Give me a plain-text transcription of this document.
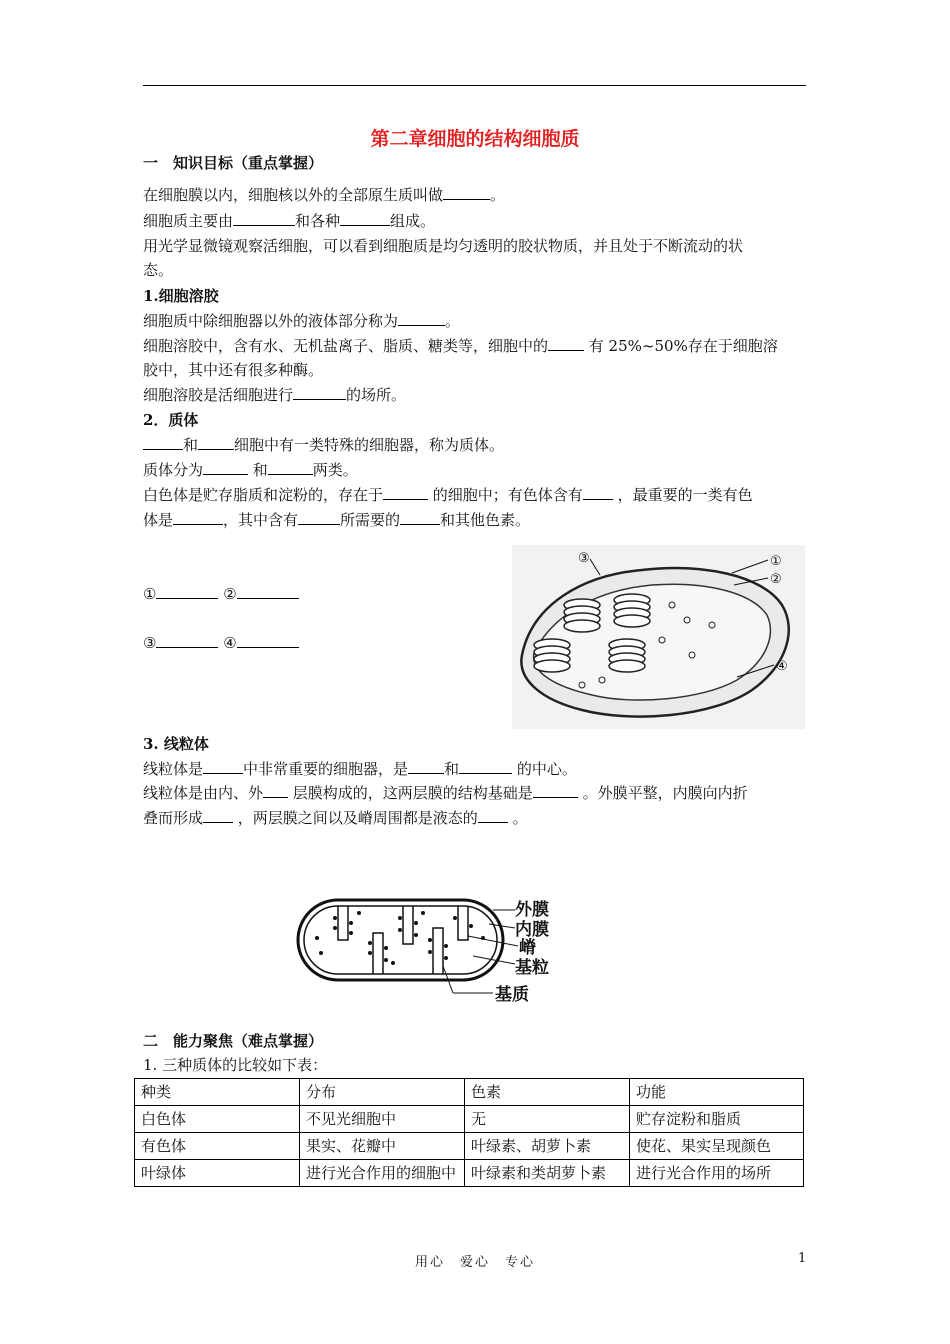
第二章细胞的结构细胞质
一　知识目标（重点掌握）
在细胞膜以内，细胞核以外的全部原生质叫做	。
细胞质主要由	和各种	组成。
用光学显微镜观察活细胞，可以看到细胞质是均匀透明的胶状物质，并且处于不断流动的状
态。
1.细胞溶胶
细胞质中除细胞器以外的液体部分称为	。
细胞溶胶中，含有水、无机盐离子、脂质、糖类等，细胞中的 有 25%~50%存在于细胞溶
胶中，其中还有很多种酶。
细胞溶胶是活细胞进行	的场所。
2．质体
和 细胞中有一类特殊的细胞器，称为质体。
质体分为	和	两类。
白色体是贮存脂质和淀粉的，存在于	的细胞中；有色体含有 ，最重要的一类有色
体是	，其中含有	所需要的	和其他色素。
①	②
③	④
③	①
②
④
3. 线粒体
线粒体是	中非常重要的细胞器，是 和	的中心。
线粒体是由内、外 层膜构成的，这两层膜的结构基础是	。外膜平整，内膜向内折
叠而形成 ，两层膜之间以及嵴周围都是液态的 。
外膜
内膜
嵴
基粒
基质
二　能力聚焦（难点掌握）
1. 三种质体的比较如下表：
种类	分布	色素	功能
白色体	不见光细胞中	无	贮存淀粉和脂质
有色体	果实、花瓣中	叶绿素、胡萝卜素	使花、果实呈现颜色
叶绿体	进行光合作用的细胞中	叶绿素和类胡萝卜素	进行光合作用的场所
用心　爱心　专心	1
